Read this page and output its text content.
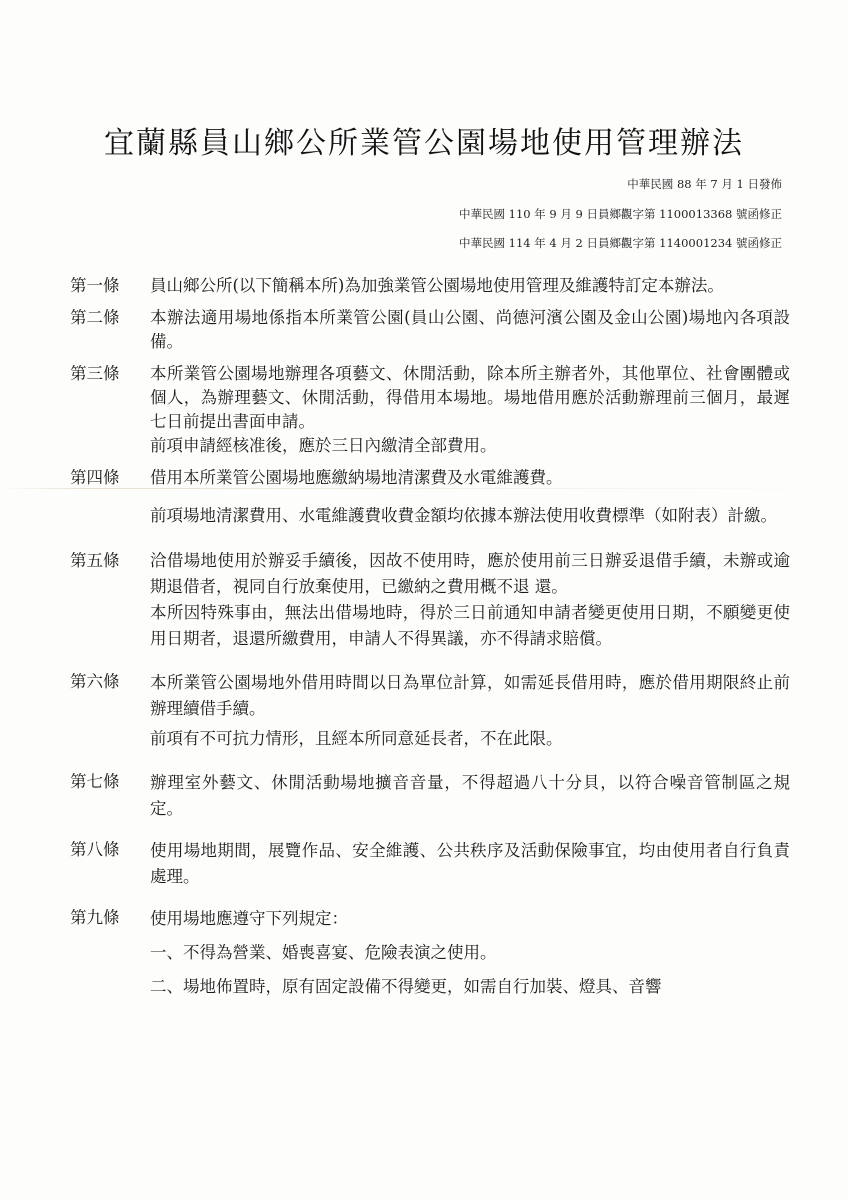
宜蘭縣員山鄉公所業管公園場地使用管理辦法
中華民國 88 年 7 月 1 日發佈
中華民國 110 年 9 月 9 日員鄉觀字第 1100013368 號函修正
中華民國 114 年 4 月 2 日員鄉觀字第 1140001234 號函修正
第一條	員山鄉公所(以下簡稱本所)為加強業管公園場地使用管理及維護特訂定本辦法。

第二條	本辦法適用場地係指本所業管公園(員山公園、尚德河濱公園及金山公園)場地內各項設備。

第三條	本所業管公園場地辦理各項藝文、休閒活動，除本所主辦者外，其他單位、社會團體或個人，為辦理藝文、休閒活動，得借用本場地。場地借用應於活動辦理前三個月，最遲七日前提出書面申請。

前項申請經核准後，應於三日內繳清全部費用。

第四條	借用本所業管公園場地應繳納場地清潔費及水電維護費。

前項場地清潔費用、水電維護費收費金額均依據本辦法使用收費標準（如附表）計繳。

第五條	洽借場地使用於辦妥手續後，因故不使用時，應於使用前三日辦妥退借手續，未辦或逾期退借者，視同自行放棄使用，已繳納之費用概不退 還。

本所因特殊事由，無法出借場地時，得於三日前通知申請者變更使用日期，不願變更使用日期者，退還所繳費用，申請人不得異議，亦不得請求賠償。

第六條	本所業管公園場地外借用時間以日為單位計算，如需延長借用時，應於借用期限終止前辦理續借手續。

前項有不可抗力情形，且經本所同意延長者，不在此限。

第七條	辦理室外藝文、休閒活動場地擴音音量，不得超過八十分貝，以符合噪音管制區之規定。

第八條	使用場地期間，展覽作品、安全維護、公共秩序及活動保險事宜，均由使用者自行負責處理。

第九條	使用場地應遵守下列規定：

一、不得為營業、婚喪喜宴、危險表演之使用。

二、場地佈置時，原有固定設備不得變更，如需自行加裝、燈具、音響
